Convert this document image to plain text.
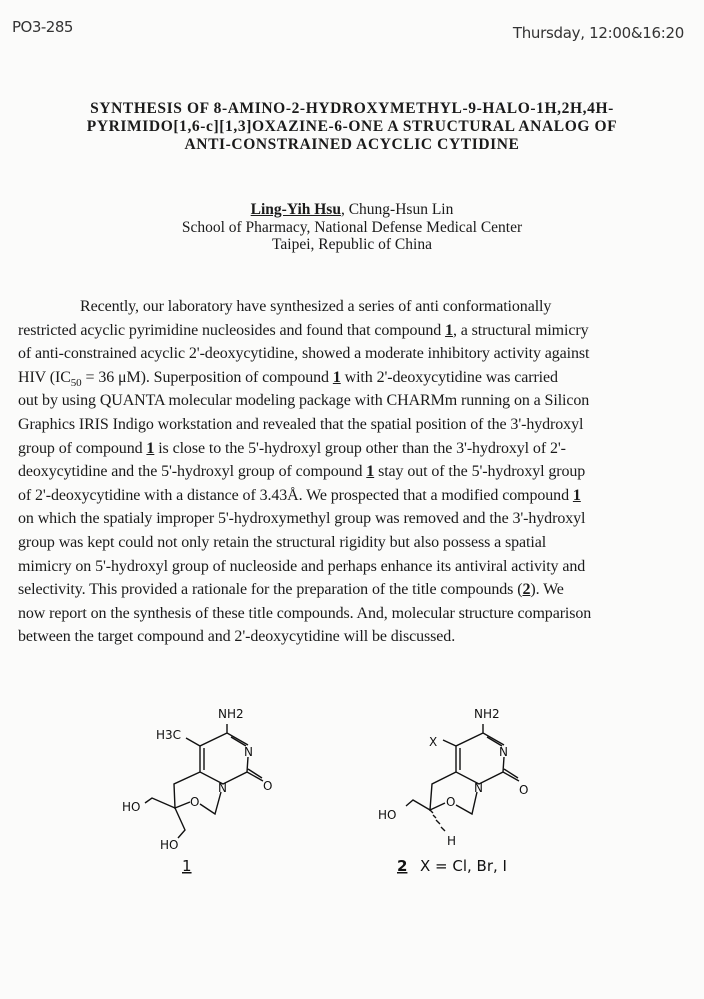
PO3-285	Thursday, 12:00&16:20
SYNTHESIS OF 8-AMINO-2-HYDROXYMETHYL-9-HALO-1H,2H,4H-
PYRIMIDO[1,6-c][1,3]OXAZINE-6-ONE A STRUCTURAL ANALOG OF
ANTI-CONSTRAINED ACYCLIC CYTIDINE
Ling-Yih Hsu, Chung-Hsun Lin
School of Pharmacy, National Defense Medical Center
Taipei, Republic of China
Recently, our laboratory have synthesized a series of anti conformationally
restricted acyclic pyrimidine nucleosides and found that compound 1, a structural mimicry
of anti-constrained acyclic 2'-deoxycytidine, showed a moderate inhibitory activity against
HIV ($IC_{50} = 36$ μM). Superposition of compound 1 with 2'-deoxycytidine was carried
out by using QUANTA molecular modeling package with CHARMm running on a Silicon
Graphics IRIS Indigo workstation and revealed that the spatial position of the 3'-hydroxyl
group of compound 1 is close to the 5'-hydroxyl group other than the 3'-hydroxyl of 2'-
deoxycytidine and the 5'-hydroxyl group of compound 1 stay out of the 5'-hydroxyl group
of 2'-deoxycytidine with a distance of 3.43Å. We prospected that a modified compound 1
on which the spatialy improper 5'-hydroxymethyl group was removed and the 3'-hydroxyl
group was kept could not only retain the structural rigidity but also possess a spatial
mimicry on 5'-hydroxyl group of nucleoside and perhaps enhance its antiviral activity and
selectivity. This provided a rationale for the preparation of the title compounds (2). We
now report on the synthesis of these title compounds. And, molecular structure comparison
between the target compound and 2'-deoxycytidine will be discussed.
NH2
H3C
N
N	O
O
HO
HO
1
NH2
X
N
N	O
O
HO
H
2 X = Cl, Br, I
